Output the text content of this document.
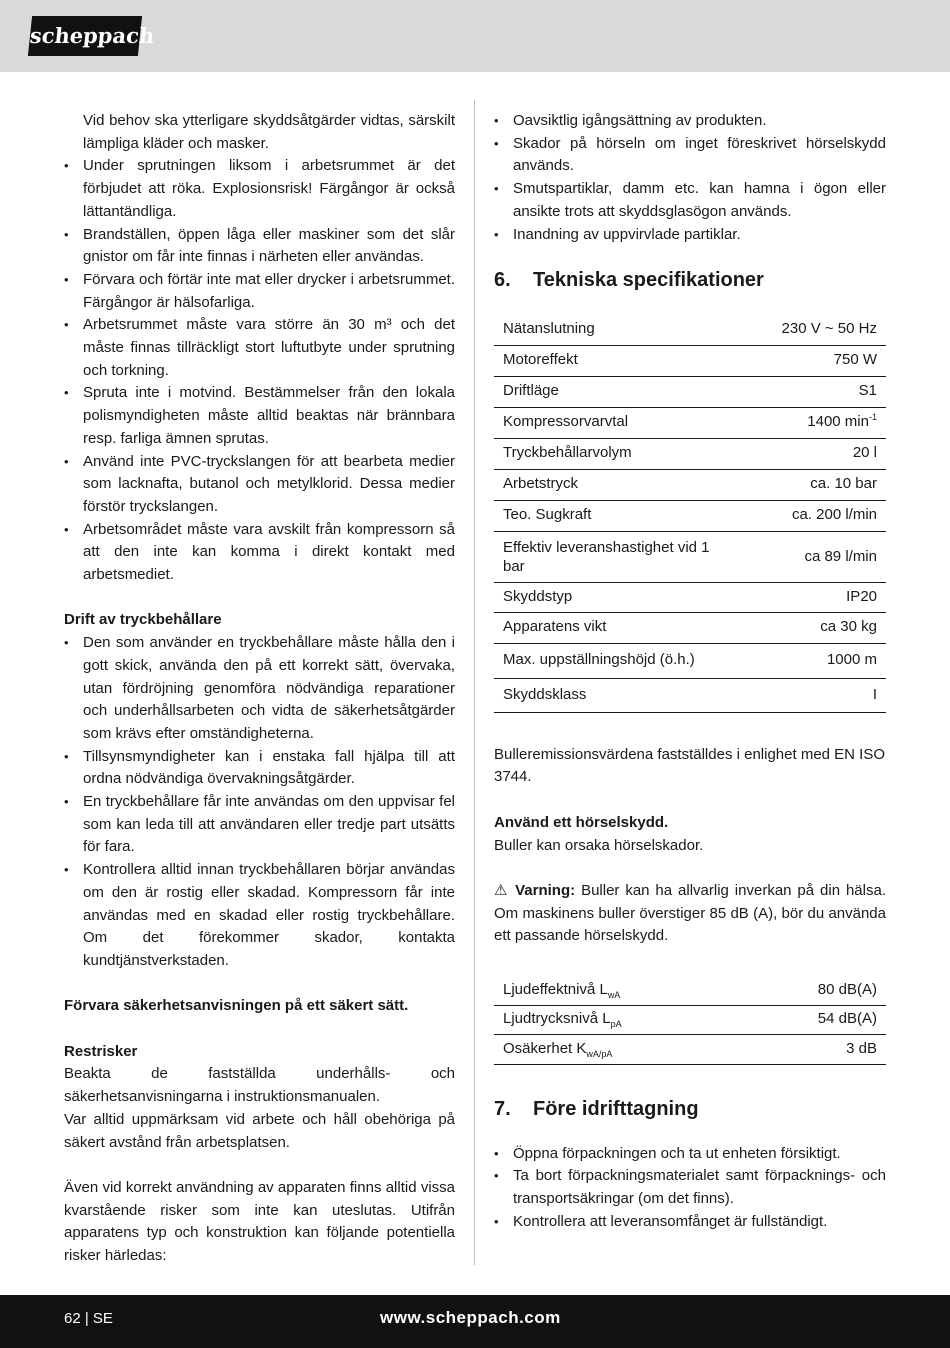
scheppach

Vid behov ska ytterligare skyddsåtgärder vidtas, särskilt lämpliga kläder och masker.

• Under sprutningen liksom i arbetsrummet är det förbjudet att röka. Explosionsrisk! Färgångor är också lättantändliga.
• Brandställen, öppen låga eller maskiner som det slår gnistor om får inte finnas i närheten eller användas.
• Förvara och förtär inte mat eller drycker i arbetsrummet. Färgångor är hälsofarliga.
• Arbetsrummet måste vara större än 30 m³ och det måste finnas tillräckligt stort luftutbyte under sprutning och torkning.
• Spruta inte i motvind. Bestämmelser från den lokala polismyndigheten måste alltid beaktas när brännbara resp. farliga ämnen sprutas.
• Använd inte PVC-tryckslangen för att bearbeta medier som lacknafta, butanol och metylklorid. Dessa medier förstör tryckslangen.
• Arbetsområdet måste vara avskilt från kompressorn så att den inte kan komma i direkt kontakt med arbetsmediet.

Drift av tryckbehållare

• Den som använder en tryckbehållare måste hålla den i gott skick, använda den på ett korrekt sätt, övervaka, utan fördröjning genomföra nödvändiga reparationer och underhållsarbeten och vidta de säkerhetsåtgärder som krävs efter omständigheterna.
• Tillsynsmyndigheter kan i enstaka fall hjälpa till att ordna nödvändiga övervakningsåtgärder.
• En tryckbehållare får inte användas om den uppvisar fel som kan leda till att användaren eller tredje part utsätts för fara.
• Kontrollera alltid innan tryckbehållaren börjar användas om den är rostig eller skadad. Kompressorn får inte användas med en skadad eller rostig tryckbehållare. Om det förekommer skador, kontakta kundtjänstverkstaden.

Förvara säkerhetsanvisningen på ett säkert sätt.

Restrisker

Beakta de fastställda underhålls- och säkerhetsanvisningarna i instruktionsmanualen.

Var alltid uppmärksam vid arbete och håll obehöriga på säkert avstånd från arbetsplatsen.

Även vid korrekt användning av apparaten finns alltid vissa kvarstående risker som inte kan uteslutas. Utifrån apparatens typ och konstruktion kan följande potentiella risker härledas:

• Oavsiktlig igångsättning av produkten.
• Skador på hörseln om inget föreskrivet hörselskydd används.
• Smutspartiklar, damm etc. kan hamna i ögon eller ansikte trots att skyddsglasögon används.
• Inandning av uppvirvlade partiklar.
6.	Tekniska specifikationer
Nätanslutning	230 V ~ 50 Hz
Motoreffekt	750 W
Driftläge	S1
Kompressorvarvtal	1400 $\min^{-1}$
Tryckbehållarvolym	20 l
Arbetstryck	ca. 10 bar
Teo. Sugkraft	ca. 200 l/min
Effektiv leveranshastighet vid 1 bar	ca 89 l/min
Skyddstyp	IP20
Apparatens vikt	ca 30 kg
Max. uppställningshöjd (ö.h.)	1000 m
Skyddsklass	I

Bulleremissionsvärdena fastställdes i enlighet med EN ISO 3744.

Använd ett hörselskydd.

Buller kan orsaka hörselskador.

⚠ Varning: Buller kan ha allvarlig inverkan på din hälsa. Om maskinens buller överstiger 85 dB (A), bör du använda ett passande hörselskydd.

Ljudeffektnivå $L_{wA}$	80 dB(A)
Ljudtrycksnivå $L_{pA}$	54 dB(A)
Osäkerhet $K_{wA/pA}$	3 dB
7.	Före idrifttagning
• Öppna förpackningen och ta ut enheten försiktigt.
• Ta bort förpackningsmaterialet samt förpacknings- och transportsäkringar (om det finns).
• Kontrollera att leveransomfånget är fullständigt.
62 | SE	www.scheppach.com
